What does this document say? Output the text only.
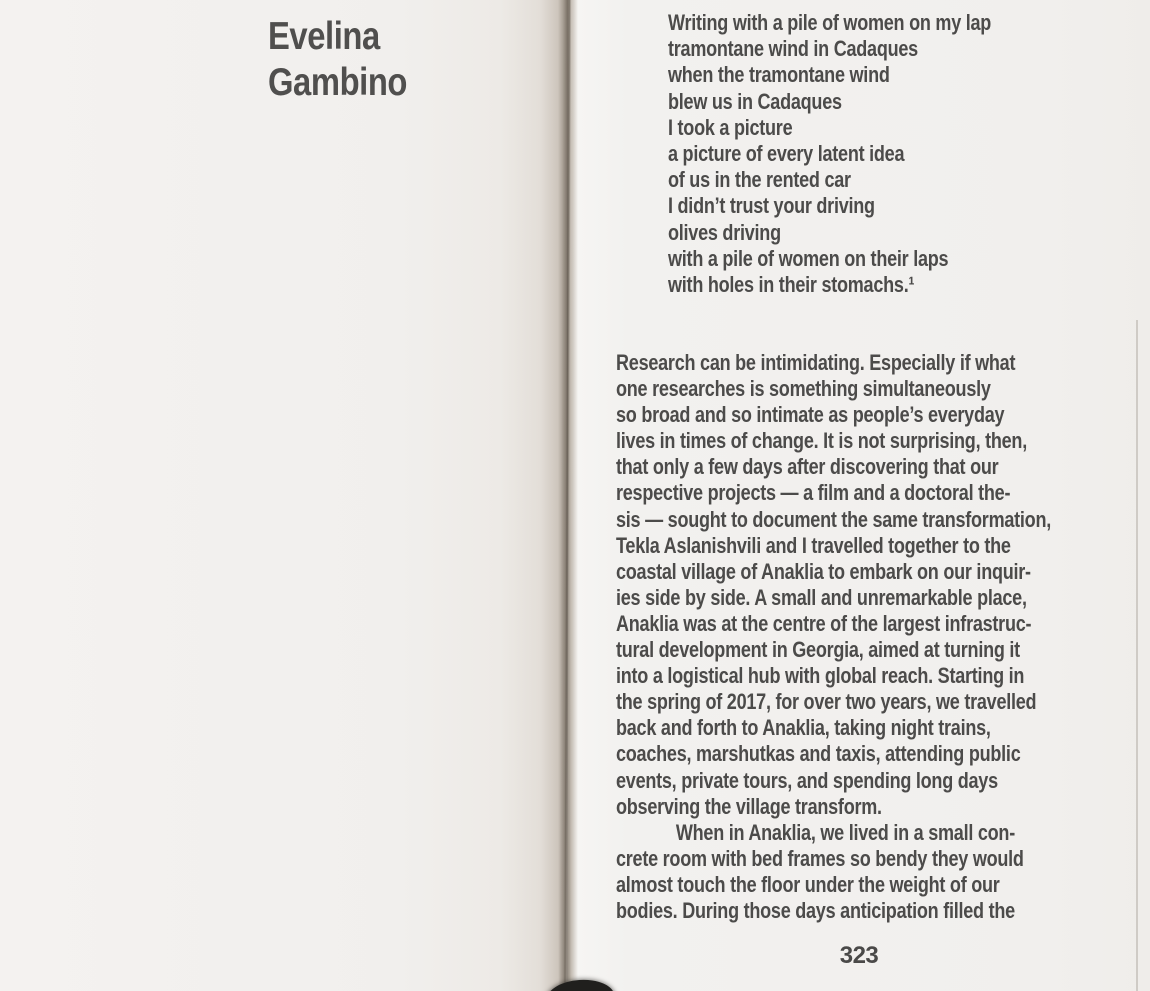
Evelina
Gambino
Writing with a pile of women on my lap
tramontane wind in Cadaques
when the tramontane wind
blew us in Cadaques
I took a picture
a picture of every latent idea
of us in the rented car
I didn’t trust your driving
olives driving
with a pile of women on their laps
with holes in their stomachs.¹
Research can be intimidating. Especially if what
one researches is something simultaneously
so broad and so intimate as people’s everyday
lives in times of change. It is not surprising, then,
that only a few days after discovering that our
respective projects — a film and a doctoral the-
sis — sought to document the same transformation,
Tekla Aslanishvili and I travelled together to the
coastal village of Anaklia to embark on our inquir-
ies side by side. A small and unremarkable place,
Anaklia was at the centre of the largest infrastruc-
tural development in Georgia, aimed at turning it
into a logistical hub with global reach. Starting in
the spring of 2017, for over two years, we travelled
back and forth to Anaklia, taking night trains,
coaches, marshutkas and taxis, attending public
events, private tours, and spending long days
observing the village transform.
When in Anaklia, we lived in a small con-
crete room with bed frames so bendy they would
almost touch the floor under the weight of our
bodies. During those days anticipation filled the
323
